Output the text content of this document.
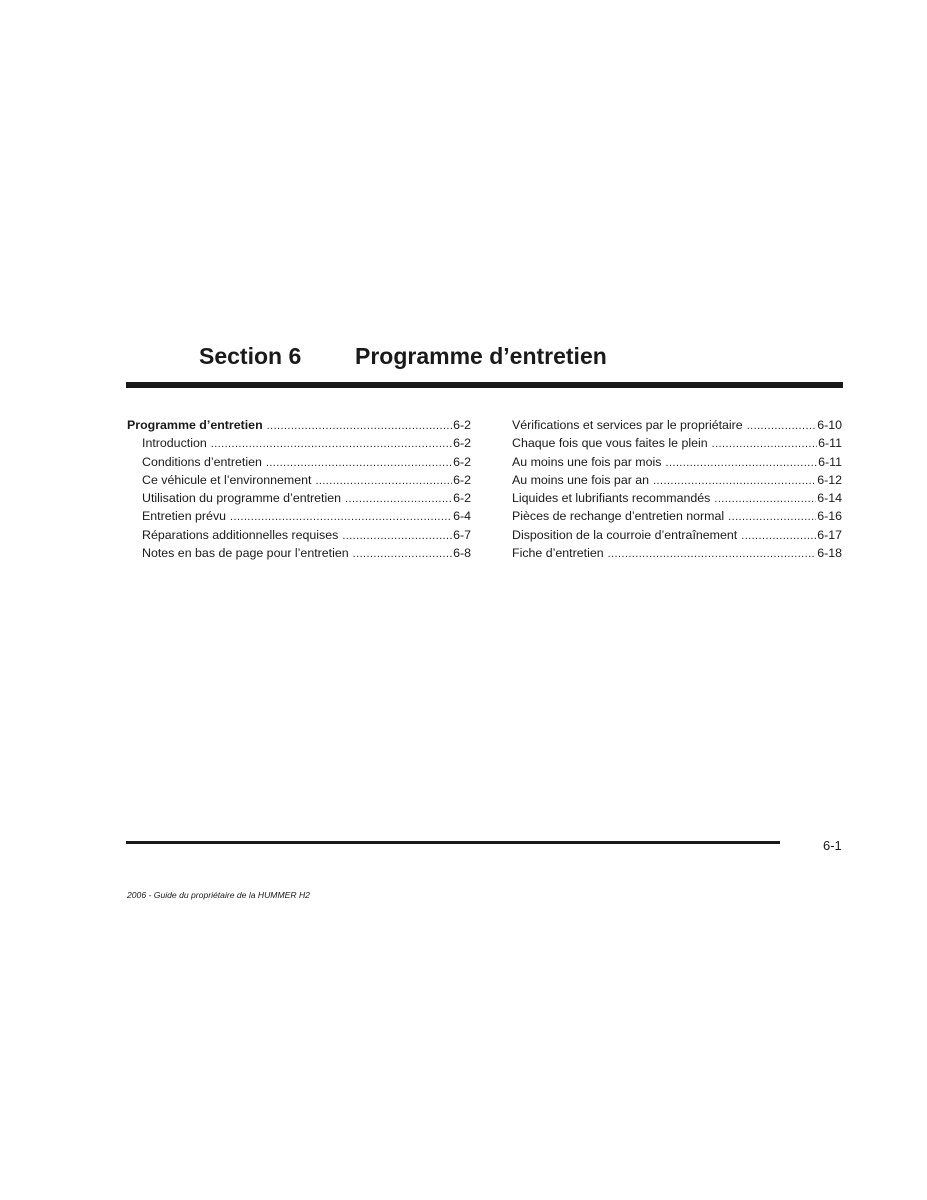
Section 6 Programme d’entretien
Programme d’entretien .....	6-2
Introduction .....	6-2
Conditions d’entretien .....	6-2
Ce véhicule et l’environnement .....	6-2
Utilisation du programme d’entretien .....	6-2
Entretien prévu .....	6-4
Réparations additionnelles requises .....	6-7
Notes en bas de page pour l’entretien .....	6-8
Vérifications et services par le propriétaire .....	6-10
Chaque fois que vous faites le plein .....	6-11
Au moins une fois par mois .....	6-11
Au moins une fois par an .....	6-12
Liquides et lubrifiants recommandés .....	6-14
Pièces de rechange d’entretien normal .....	6-16
Disposition de la courroie d’entraînement .....	6-17
Fiche d’entretien .....	6-18
6-1
2006 - Guide du propriétaire de la HUMMER H2
